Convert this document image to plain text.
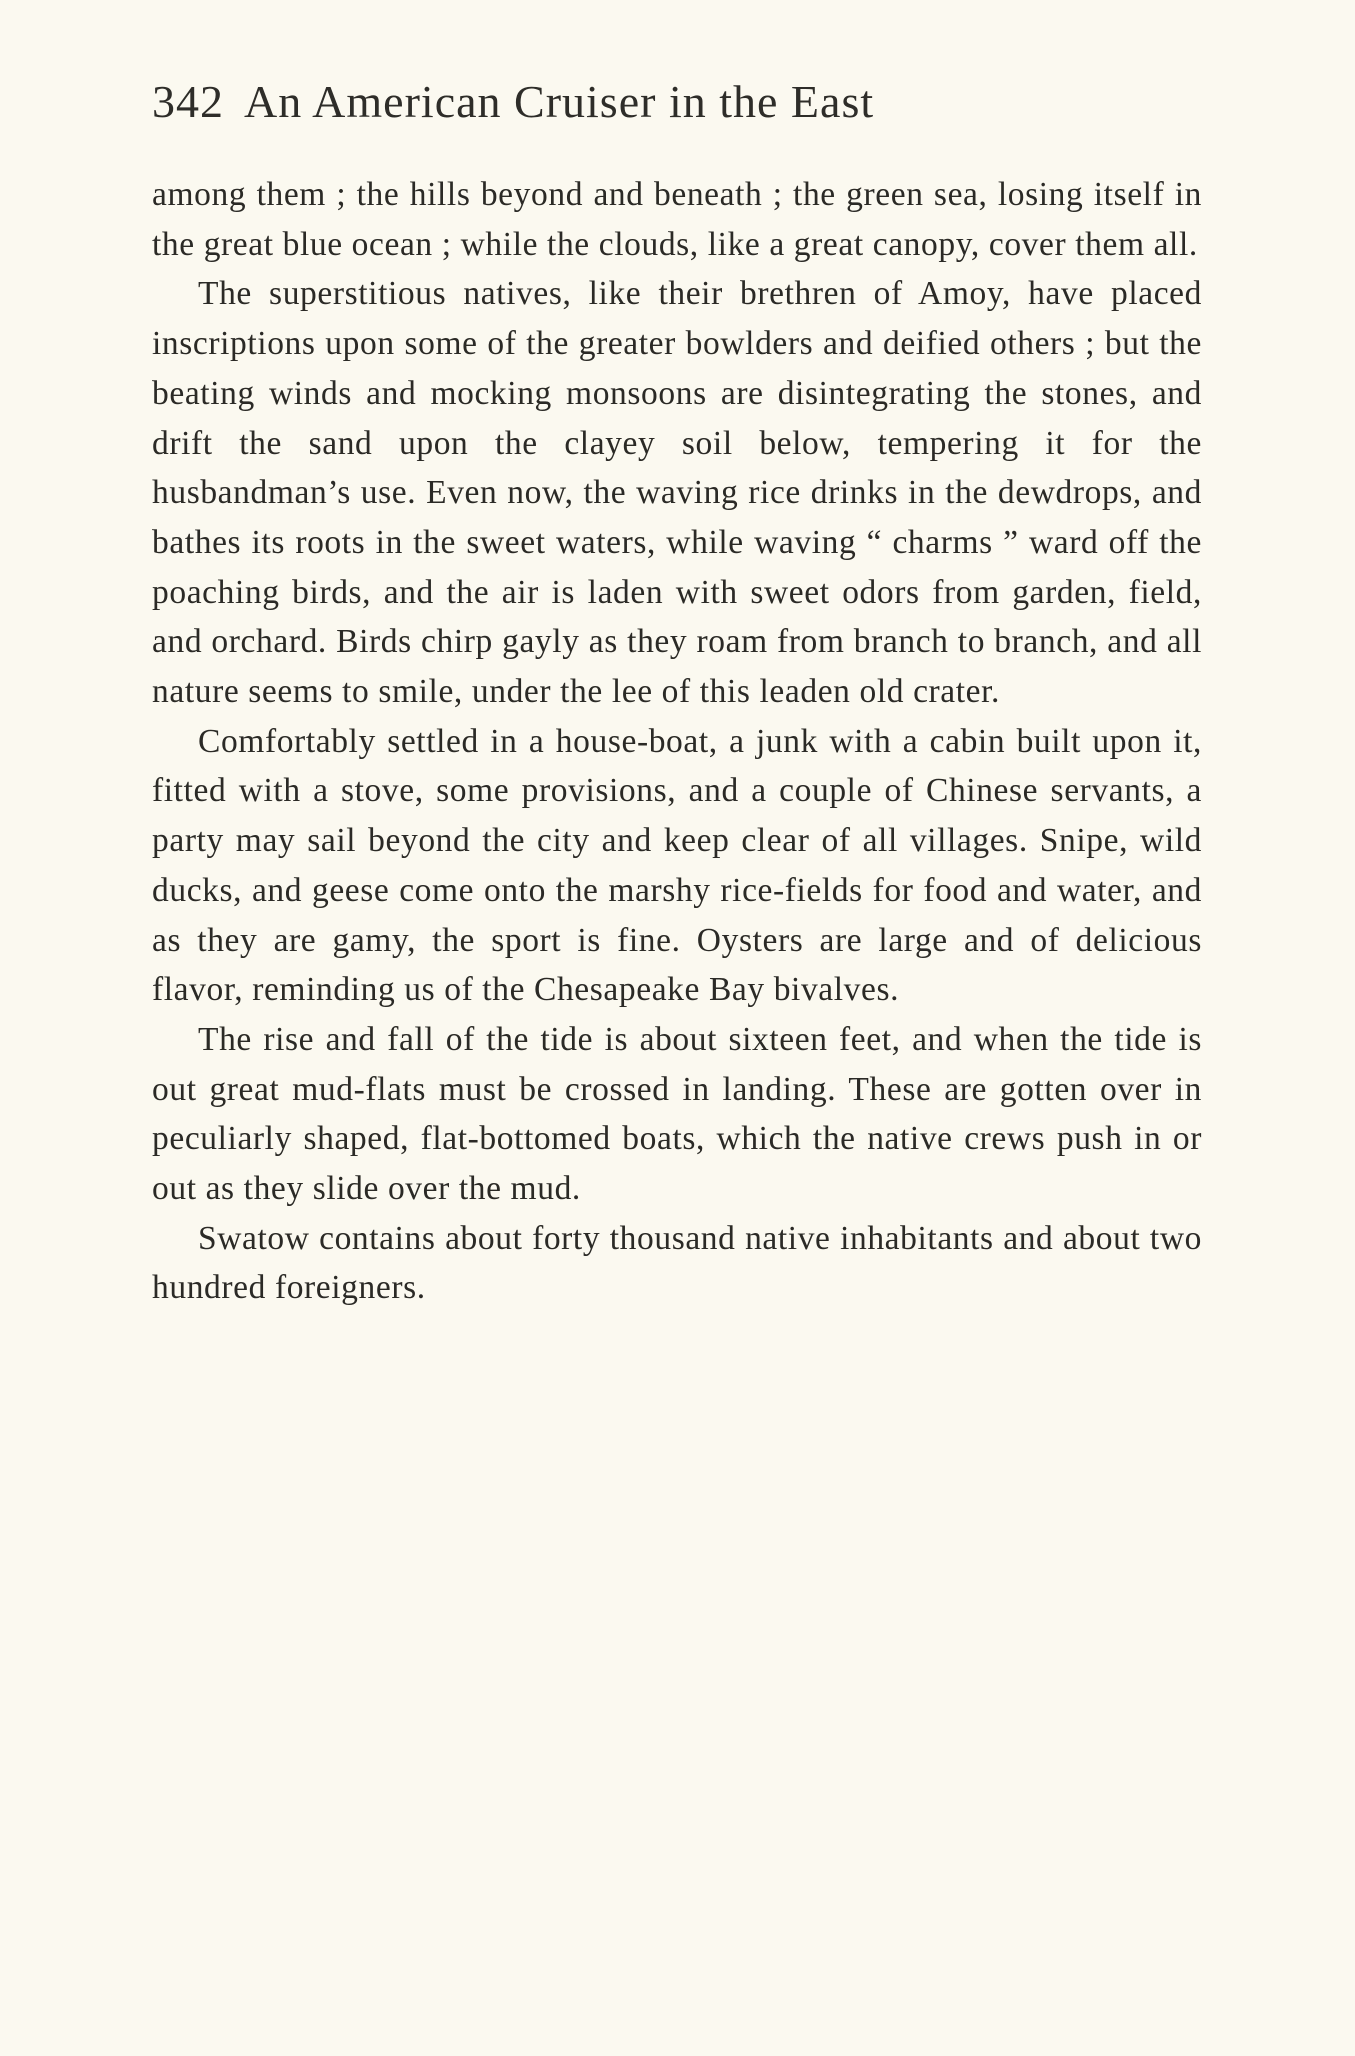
342 An American Cruiser in the East

among them ; the hills beyond and beneath ; the green sea, losing itself in the great blue ocean ; while the clouds, like a great canopy, cover them all.

The superstitious natives, like their brethren of Amoy, have placed inscriptions upon some of the greater bowlders and deified others ; but the beating winds and mocking monsoons are disintegrating the stones, and drift the sand upon the clayey soil below, tempering it for the husbandman’s use. Even now, the waving rice drinks in the dewdrops, and bathes its roots in the sweet waters, while waving “ charms ” ward off the poaching birds, and the air is laden with sweet odors from garden, field, and orchard. Birds chirp gayly as they roam from branch to branch, and all nature seems to smile, under the lee of this leaden old crater.

Comfortably settled in a house-boat, a junk with a cabin built upon it, fitted with a stove, some provisions, and a couple of Chinese servants, a party may sail beyond the city and keep clear of all villages. Snipe, wild ducks, and geese come onto the marshy rice-fields for food and water, and as they are gamy, the sport is fine. Oysters are large and of delicious flavor, reminding us of the Chesapeake Bay bivalves.

The rise and fall of the tide is about sixteen feet, and when the tide is out great mud-flats must be crossed in landing. These are gotten over in peculiarly shaped, flat-bottomed boats, which the native crews push in or out as they slide over the mud.

Swatow contains about forty thousand native inhabitants and about two hundred foreigners.
